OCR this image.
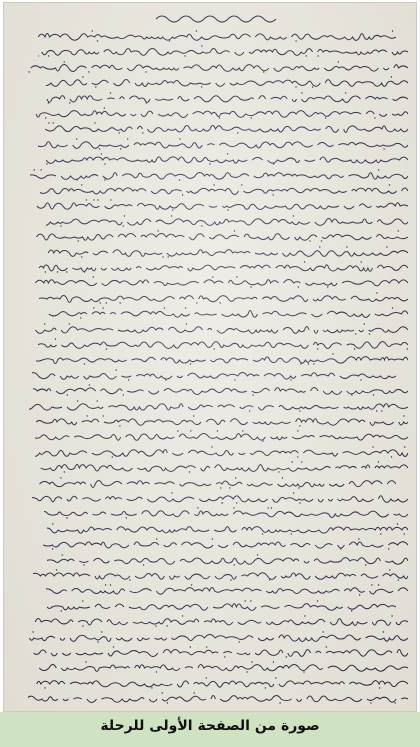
صورة من الصفحة الأولى للرحلة
